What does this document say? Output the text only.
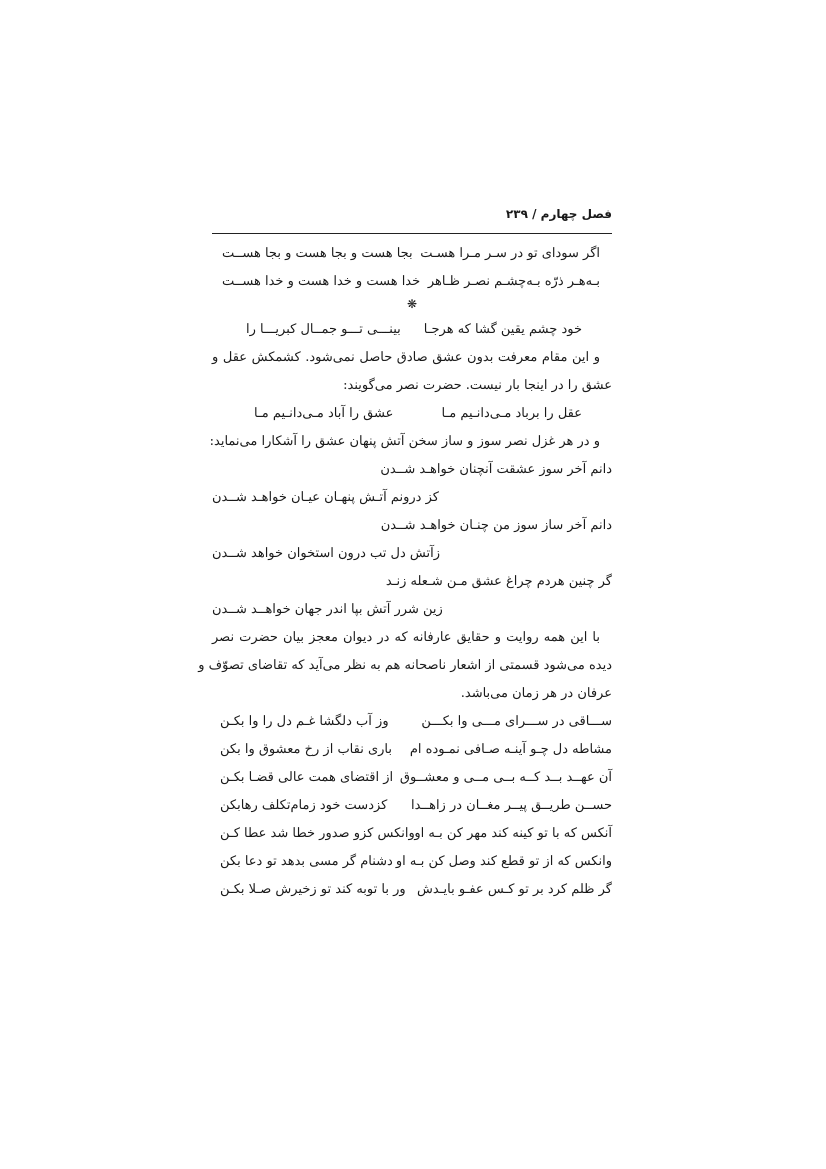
فصل چهارم / ۲۳۹
اگر سودای تو در سـر مـرا هسـت
بجا هست و بجا هست و بجا هســت
بـه‌هـر ذرّه بـه‌چشـم نصـر ظـاهر
خدا هست و خدا هست و خدا هســت
❋
خود چشم یقین گشا که هرجـا
بینـــی تـــو جمــال کبریـــا را
و این مقام معرفت بدون عشق صادق حاصل نمی‌شود. کشمکش عقل و
عشق را در اینجا بار نیست. حضرت نصر می‌گویند:
عقل را برباد مـی‌دانـیم مـا
عشق را آباد مـی‌دانـیم مـا
و در هر غزل نصر سوز و ساز سخن آتش پنهان عشق را آشکارا می‌نماید:
دانم آخر سوز عشقت آنچنان خواهـد شــدن
کز درونم آتـش پنهـان عیـان خواهـد شــدن
دانم آخر ساز سوز من چنـان خواهـد شــدن
زآتش دل تب درون استخوان خواهد شــدن
گر چنین هردم چراغ عشق مـن شـعله زنـد
زین شرر آتش بپا اندر جهان خواهــد شــدن
با این همه روایت و حقایق عارفانه که در دیوان معجز بیان حضرت نصر
دیده می‌شود قسمتی از اشعار ناصحانه هم به نظر می‌آید که تقاضای تصوّف و
عرفان در هر زمان می‌باشد.
ســـاقی در ســـرای مـــی وا بکـــن
وز آب دلگشا غـم دل را وا بکـن
مشاطه دل چـو آینـه صـافی نمـوده ام
باری نقاب از رخ معشوق وا بکن
آن عهــد بــد کــه بــی مــی و معشــوق
از اقتضای همت عالی قضـا بکـن
حســن طریــق پیــر مغــان در زاهــدا
کزدست خود زمام‌تکلف رهابکن
آنکس که با تو کینه کند مهر کن بـه او
وانکس کزو صدور خطا شد عطا کـن
وانکس که از تو قطع کند وصل کن بـه او
دشنام گر مسی بدهد تو دعا بکن
گر ظلم کرد بر تو کـس عفـو بایـدش
ور با توبه کند تو زخیرش صـلا بکـن
